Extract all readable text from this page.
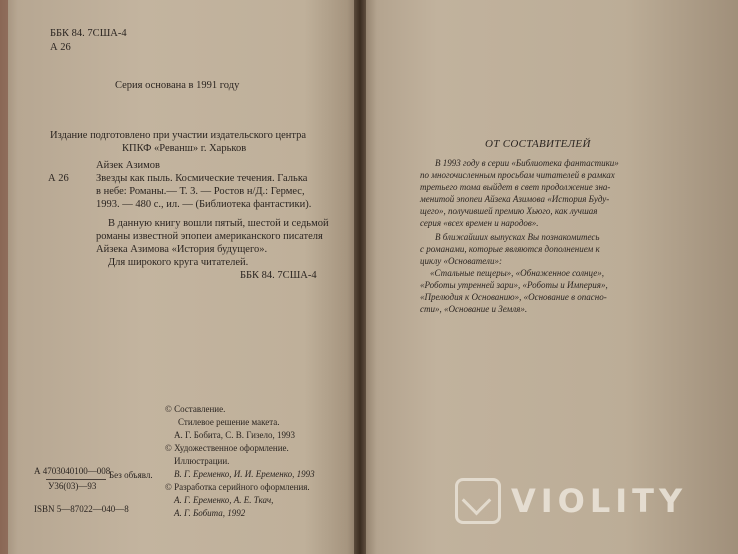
ББК 84. 7США-4
А 26
Серия основана в 1991 году
Издание подготовлено при участии издательского центра
КПКФ «Реванш» г. Харьков
Айзек Азимов
А 26	Звезды как пыль. Космические течения. Галька
в небе: Романы.— Т. 3. — Ростов н/Д.: Гермес,
1993. — 480 с., ил. — (Библиотека фантастики).
В данную книгу вошли пятый, шестой и седьмой
романы известной эпопеи американского писателя
Айзека Азимова «История будущего».
Для широкого круга читателей.
ББК 84. 7США-4
© Составление.
Стилевое решение макета.
А. Г. Бобита, С. В. Гизело, 1993
© Художественное оформление.
Иллюстрации.
В. Г. Еременко, И. И. Еременко, 1993
© Разработка серийного оформления.
А. Г. Еременко, А. Е. Ткач,
А. Г. Бобита, 1992
А 4703040100—008
Без объявл.
У36(03)—93
ISBN 5—87022—040—8
ОТ СОСТАВИТЕЛЕЙ
В 1993 году в серии «Библиотека фантастики»
по многочисленным просьбам читателей в рамках
третьего тома выйдет в свет продолжение зна-
менитой эпопеи Айзека Азимова «История Буду-
щего», получившей премию Хьюго, как лучшая
серия «всех времен и народов».
В ближайших выпусках Вы познакомитесь
с романами, которые являются дополнением к
циклу «Основатели»:
«Стальные пещеры», «Обнаженное солнце»,
«Роботы утренней зари», «Роботы и Империя»,
«Прелюдия к Основанию», «Основание в опасно-
сти», «Основание и Земля».
VIOLITY
